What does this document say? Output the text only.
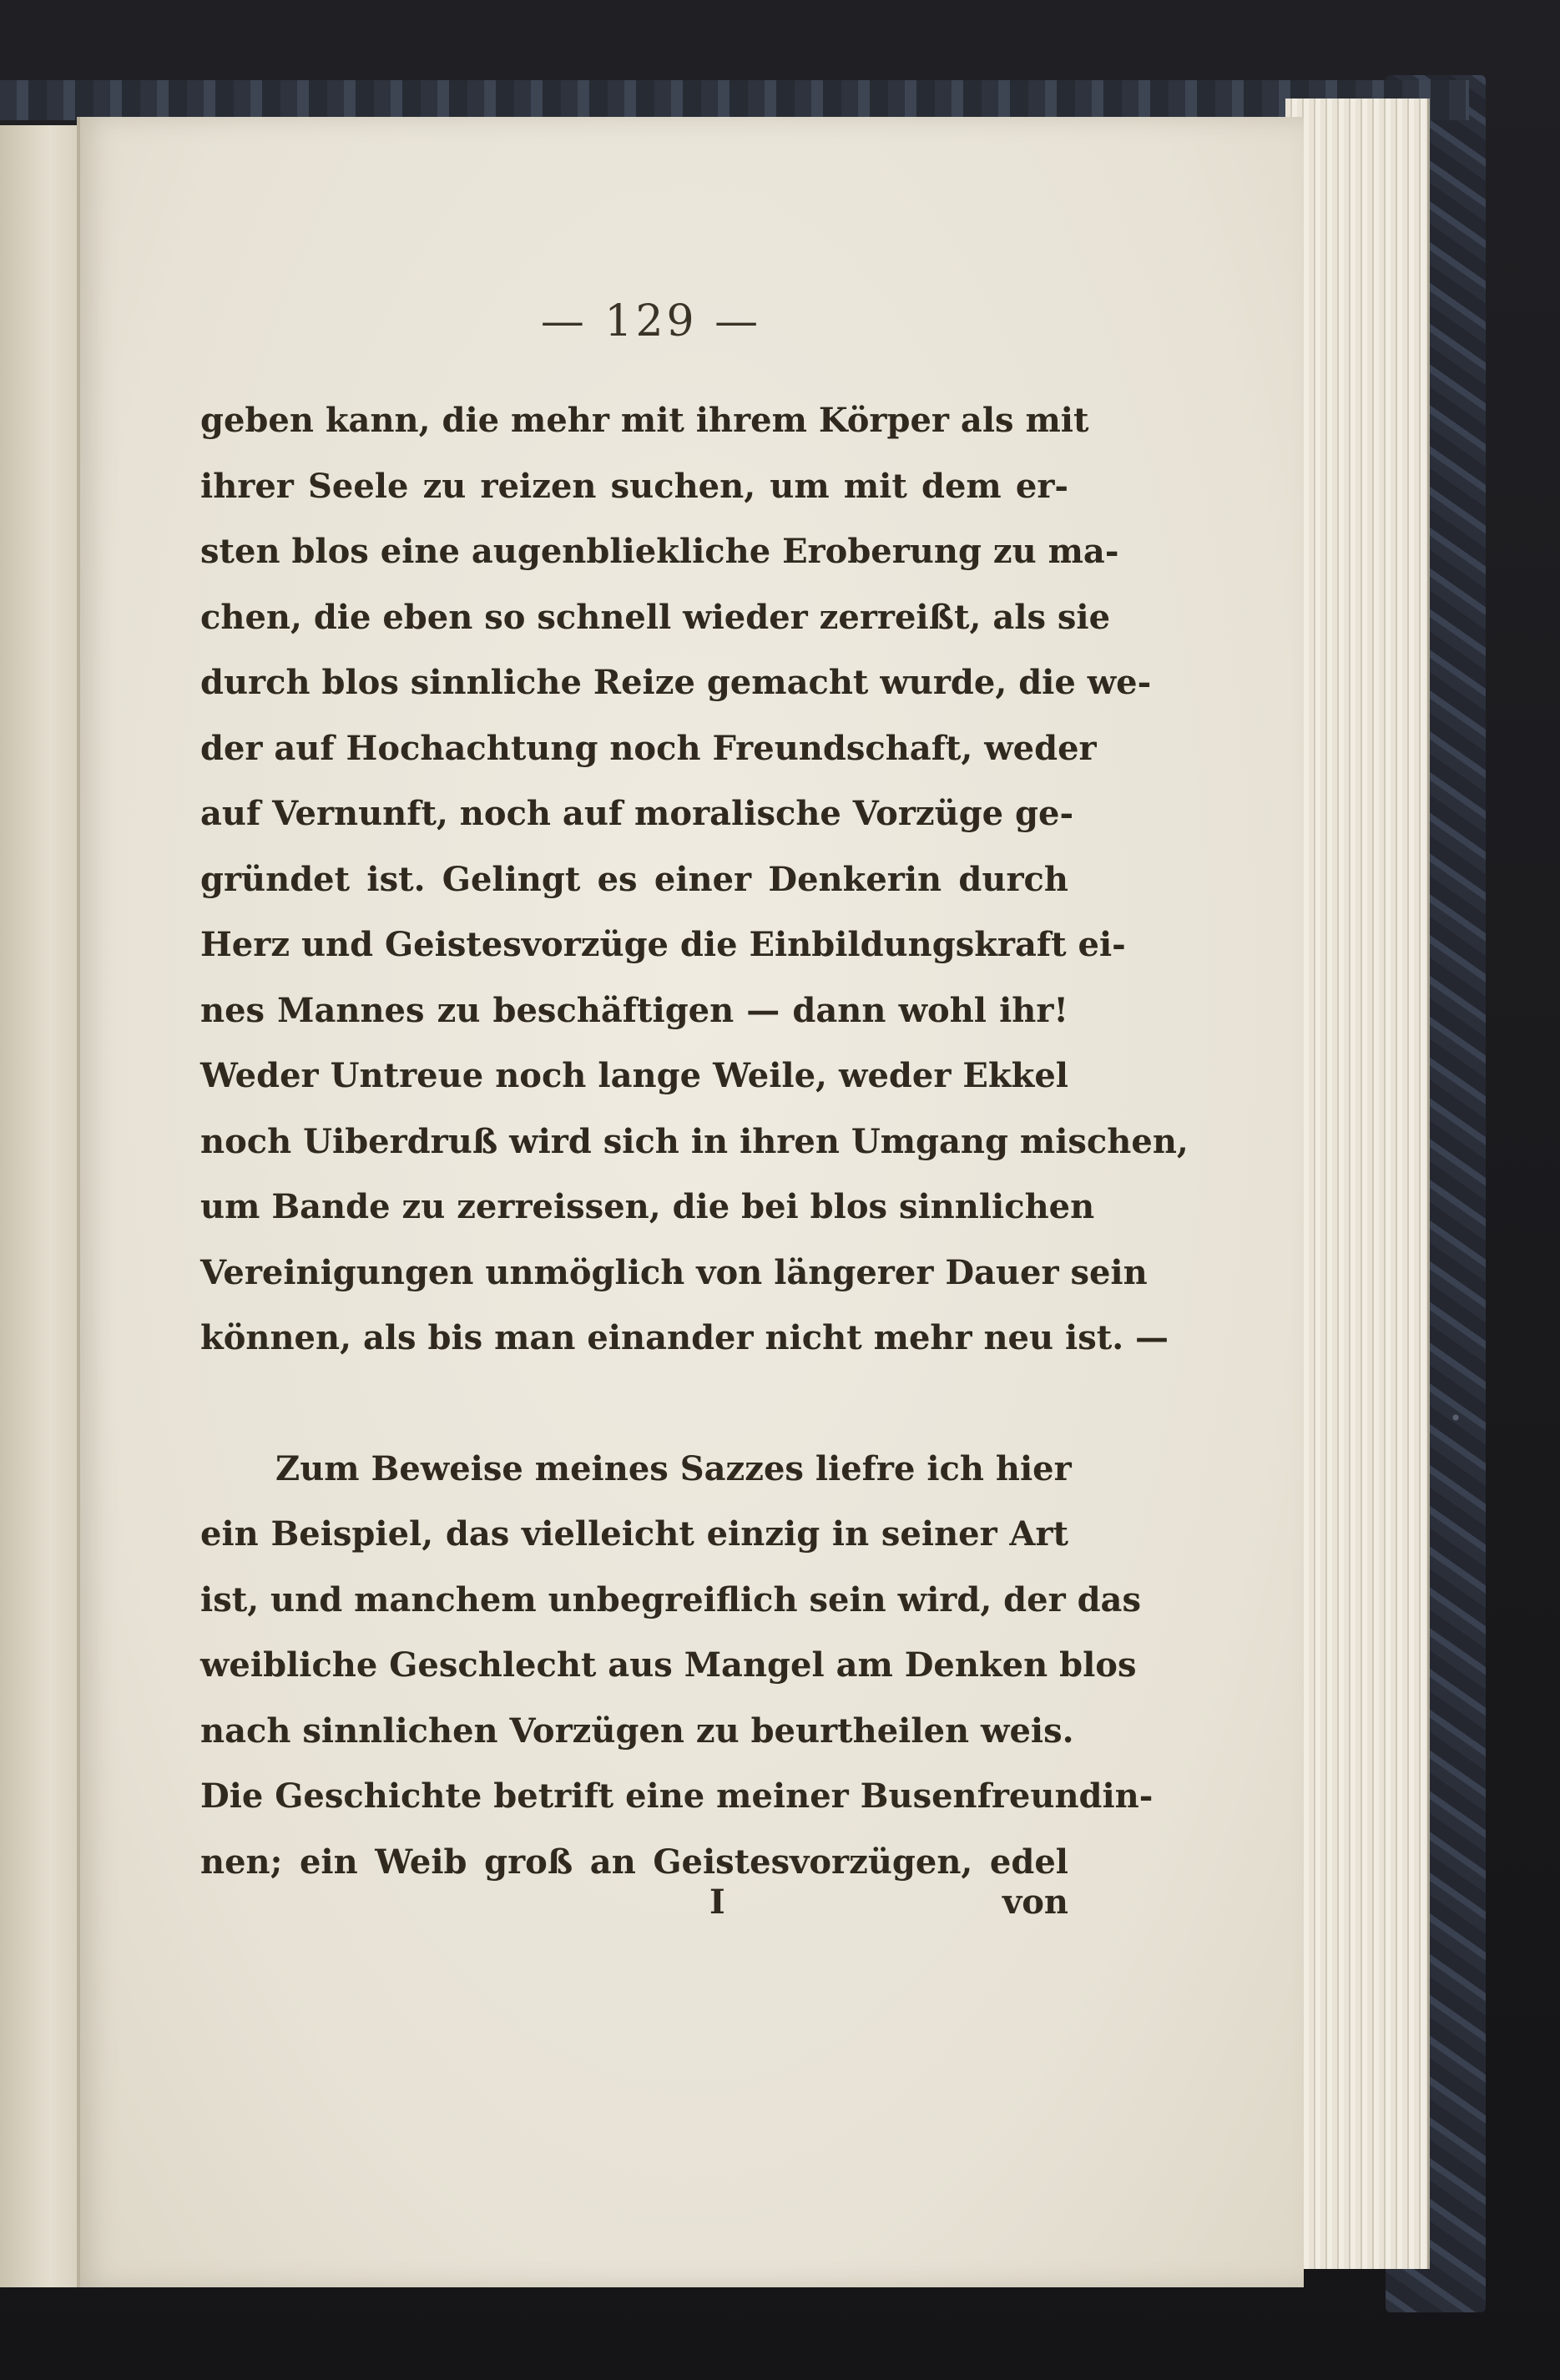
— 129 —
geben kann, die mehr mit ihrem Körper als mit
ihrer Seele zu reizen suchen, um mit dem er-
sten blos eine augenbliekliche Eroberung zu ma-
chen, die eben so schnell wieder zerreißt, als sie
durch blos sinnliche Reize gemacht wurde, die we-
der auf Hochachtung noch Freundschaft, weder
auf Vernunft, noch auf moralische Vorzüge ge-
gründet ist. Gelingt es einer Denkerin durch
Herz und Geistesvorzüge die Einbildungskraft ei-
nes Mannes zu beschäftigen — dann wohl ihr!
Weder Untreue noch lange Weile, weder Ekkel
noch Uiberdruß wird sich in ihren Umgang mischen,
um Bande zu zerreissen, die bei blos sinnlichen
Vereinigungen unmöglich von längerer Dauer sein
können, als bis man einander nicht mehr neu ist. —
Zum Beweise meines Sazzes liefre ich hier
ein Beispiel, das vielleicht einzig in seiner Art
ist, und manchem unbegreiflich sein wird, der das
weibliche Geschlecht aus Mangel am Denken blos
nach sinnlichen Vorzügen zu beurtheilen weis.
Die Geschichte betrift eine meiner Busenfreundin-
nen; ein Weib groß an Geistesvorzügen, edel
I	von
